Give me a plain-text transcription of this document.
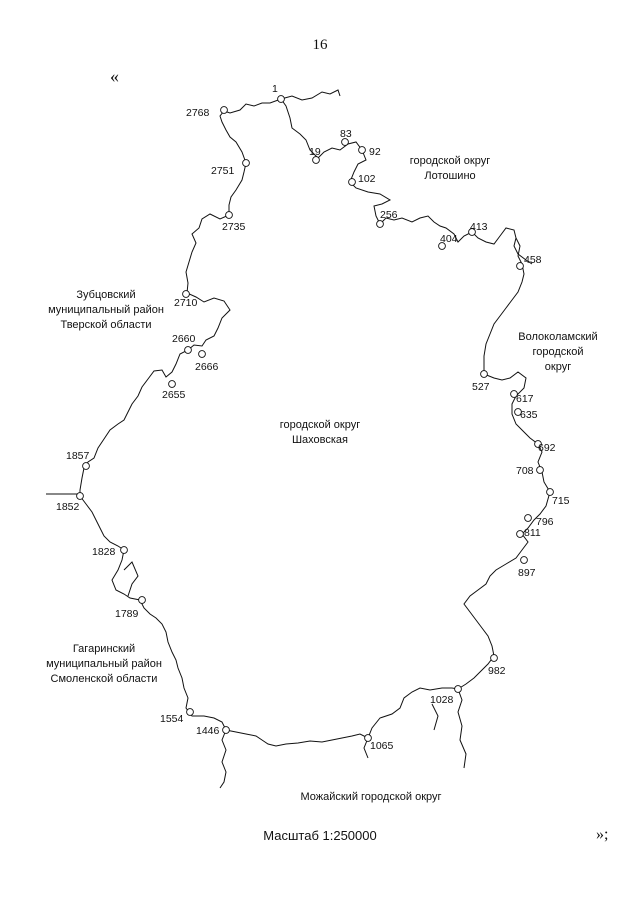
16
«
1
19
83
92
102
256
404
413
458
527
617
635
692
708
715
796
811
897
982
1028
1065
1446
1554
1789
1828
1852
1857
2655
2660
2666
2710
2735
2751
2768
городской округ
Шаховская
городской округ
Лотошино
Зубцовский
муниципальный район
Тверской области
Волоколамский
городской
округ
Гагаринский
муниципальный район
Смоленской области
Можайский городской округ
Масштаб 1:250000	»;
